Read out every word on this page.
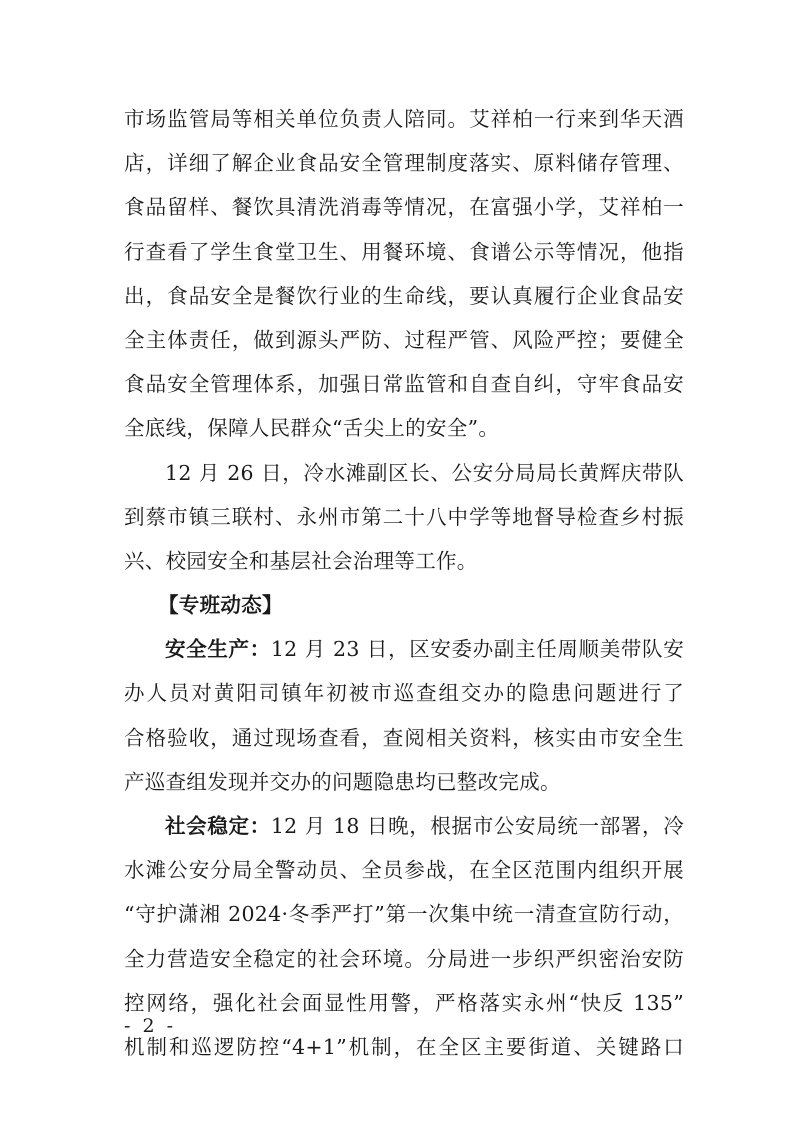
市场监管局等相关单位负责人陪同。艾祥柏一行来到华天酒
店，详细了解企业食品安全管理制度落实、原料储存管理、
食品留样、餐饮具清洗消毒等情况，在富强小学，艾祥柏一
行查看了学生食堂卫生、用餐环境、食谱公示等情况，他指
出，食品安全是餐饮行业的生命线，要认真履行企业食品安
全主体责任，做到源头严防、过程严管、风险严控；要健全
食品安全管理体系，加强日常监管和自查自纠，守牢食品安
全底线，保障人民群众“舌尖上的安全”。
12 月 26 日，冷水滩副区长、公安分局局长黄辉庆带队
到蔡市镇三联村、永州市第二十八中学等地督导检查乡村振
兴、校园安全和基层社会治理等工作。
【专班动态】
安全生产：12 月 23 日，区安委办副主任周顺美带队安
办人员对黄阳司镇年初被市巡查组交办的隐患问题进行了
合格验收，通过现场查看，查阅相关资料，核实由市安全生
产巡查组发现并交办的问题隐患均已整改完成。
社会稳定：12 月 18 日晚，根据市公安局统一部署，冷
水滩公安分局全警动员、全员参战，在全区范围内组织开展
“守护潇湘 2024·冬季严打”第一次集中统一清查宣防行动，
全力营造安全稳定的社会环境。分局进一步织严织密治安防
控网络，强化社会面显性用警，严格落实永州“快反 135”
机制和巡逻防控“4+1”机制，在全区主要街道、关键路口
- 2 -
